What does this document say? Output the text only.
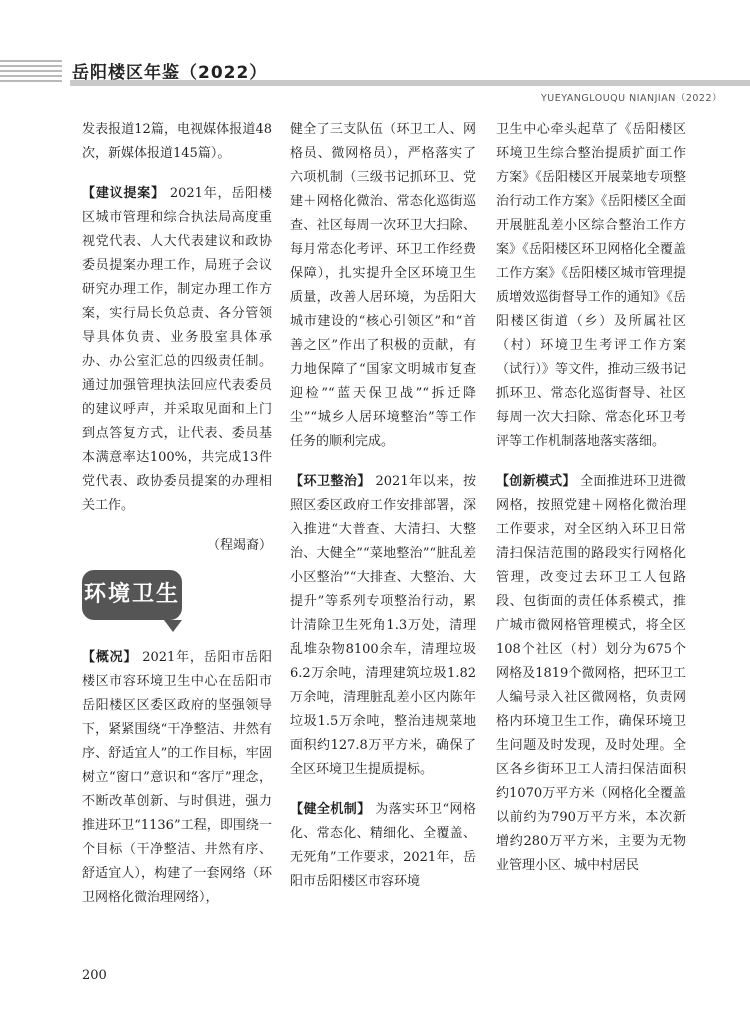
岳阳楼区年鉴（2022）
YUEYANGLOUQU NIANJIAN（2022）

发表报道12篇，电视媒体报道48次，新媒体报道145篇）。

【建议提案】 2021年，岳阳楼区城市管理和综合执法局高度重视党代表、人大代表建议和政协委员提案办理工作，局班子会议研究办理工作，制定办理工作方案，实行局长负总责、各分管领导具体负责、业务股室具体承办、办公室汇总的四级责任制。通过加强管理执法回应代表委员的建议呼声，并采取见面和上门到点答复方式，让代表、委员基本满意率达100%，共完成13件党代表、政协委员提案的办理相关工作。

（程竭裔）

环境卫生

【概况】 2021年，岳阳市岳阳楼区市容环境卫生中心在岳阳市岳阳楼区区委区政府的坚强领导下，紧紧围绕“干净整洁、井然有序、舒适宜人”的工作目标，牢固树立“窗口”意识和“客厅”理念，不断改革创新、与时俱进，强力推进环卫“1136”工程，即围绕一个目标（干净整洁、井然有序、舒适宜人），构建了一套网络（环卫网格化微治理网络），

健全了三支队伍（环卫工人、网格员、微网格员），严格落实了六项机制（三级书记抓环卫、党建＋网格化微治、常态化巡街巡查、社区每周一次环卫大扫除、每月常态化考评、环卫工作经费保障），扎实提升全区环境卫生质量，改善人居环境，为岳阳大城市建设的“核心引领区”和“首善之区”作出了积极的贡献，有力地保障了“国家文明城市复查迎检”“蓝天保卫战”“拆迁降尘”“城乡人居环境整治”等工作任务的顺利完成。

【环卫整治】 2021年以来，按照区委区政府工作安排部署，深入推进“大普查、大清扫、大整治、大健全”“菜地整治”“脏乱差小区整治”“大排查、大整治、大提升”等系列专项整治行动，累计清除卫生死角1.3万处，清理乱堆杂物8100余车，清理垃圾6.2万余吨，清理建筑垃圾1.82万余吨，清理脏乱差小区内陈年垃圾1.5万余吨，整治违规菜地面积约127.8万平方米，确保了全区环境卫生提质提标。

【健全机制】 为落实环卫“网格化、常态化、精细化、全覆盖、无死角”工作要求，2021年，岳阳市岳阳楼区市容环境

卫生中心牵头起草了《岳阳楼区环境卫生综合整治提质扩面工作方案》《岳阳楼区开展菜地专项整治行动工作方案》《岳阳楼区全面开展脏乱差小区综合整治工作方案》《岳阳楼区环卫网格化全覆盖工作方案》《岳阳楼区城市管理提质增效巡街督导工作的通知》《岳阳楼区街道（乡）及所属社区（村）环境卫生考评工作方案（试行）》等文件，推动三级书记抓环卫、常态化巡街督导、社区每周一次大扫除、常态化环卫考评等工作机制落地落实落细。

【创新模式】 全面推进环卫进微网格，按照党建＋网格化微治理工作要求，对全区纳入环卫日常清扫保洁范围的路段实行网格化管理，改变过去环卫工人包路段、包街面的责任体系模式，推广城市微网格管理模式，将全区108个社区（村）划分为675个网格及1819个微网格，把环卫工人编号录入社区微网格，负责网格内环境卫生工作，确保环境卫生问题及时发现，及时处理。全区各乡街环卫工人清扫保洁面积约1070万平方米（网格化全覆盖以前约为790万平方米，本次新增约280万平方米，主要为无物业管理小区、城中村居民

200
